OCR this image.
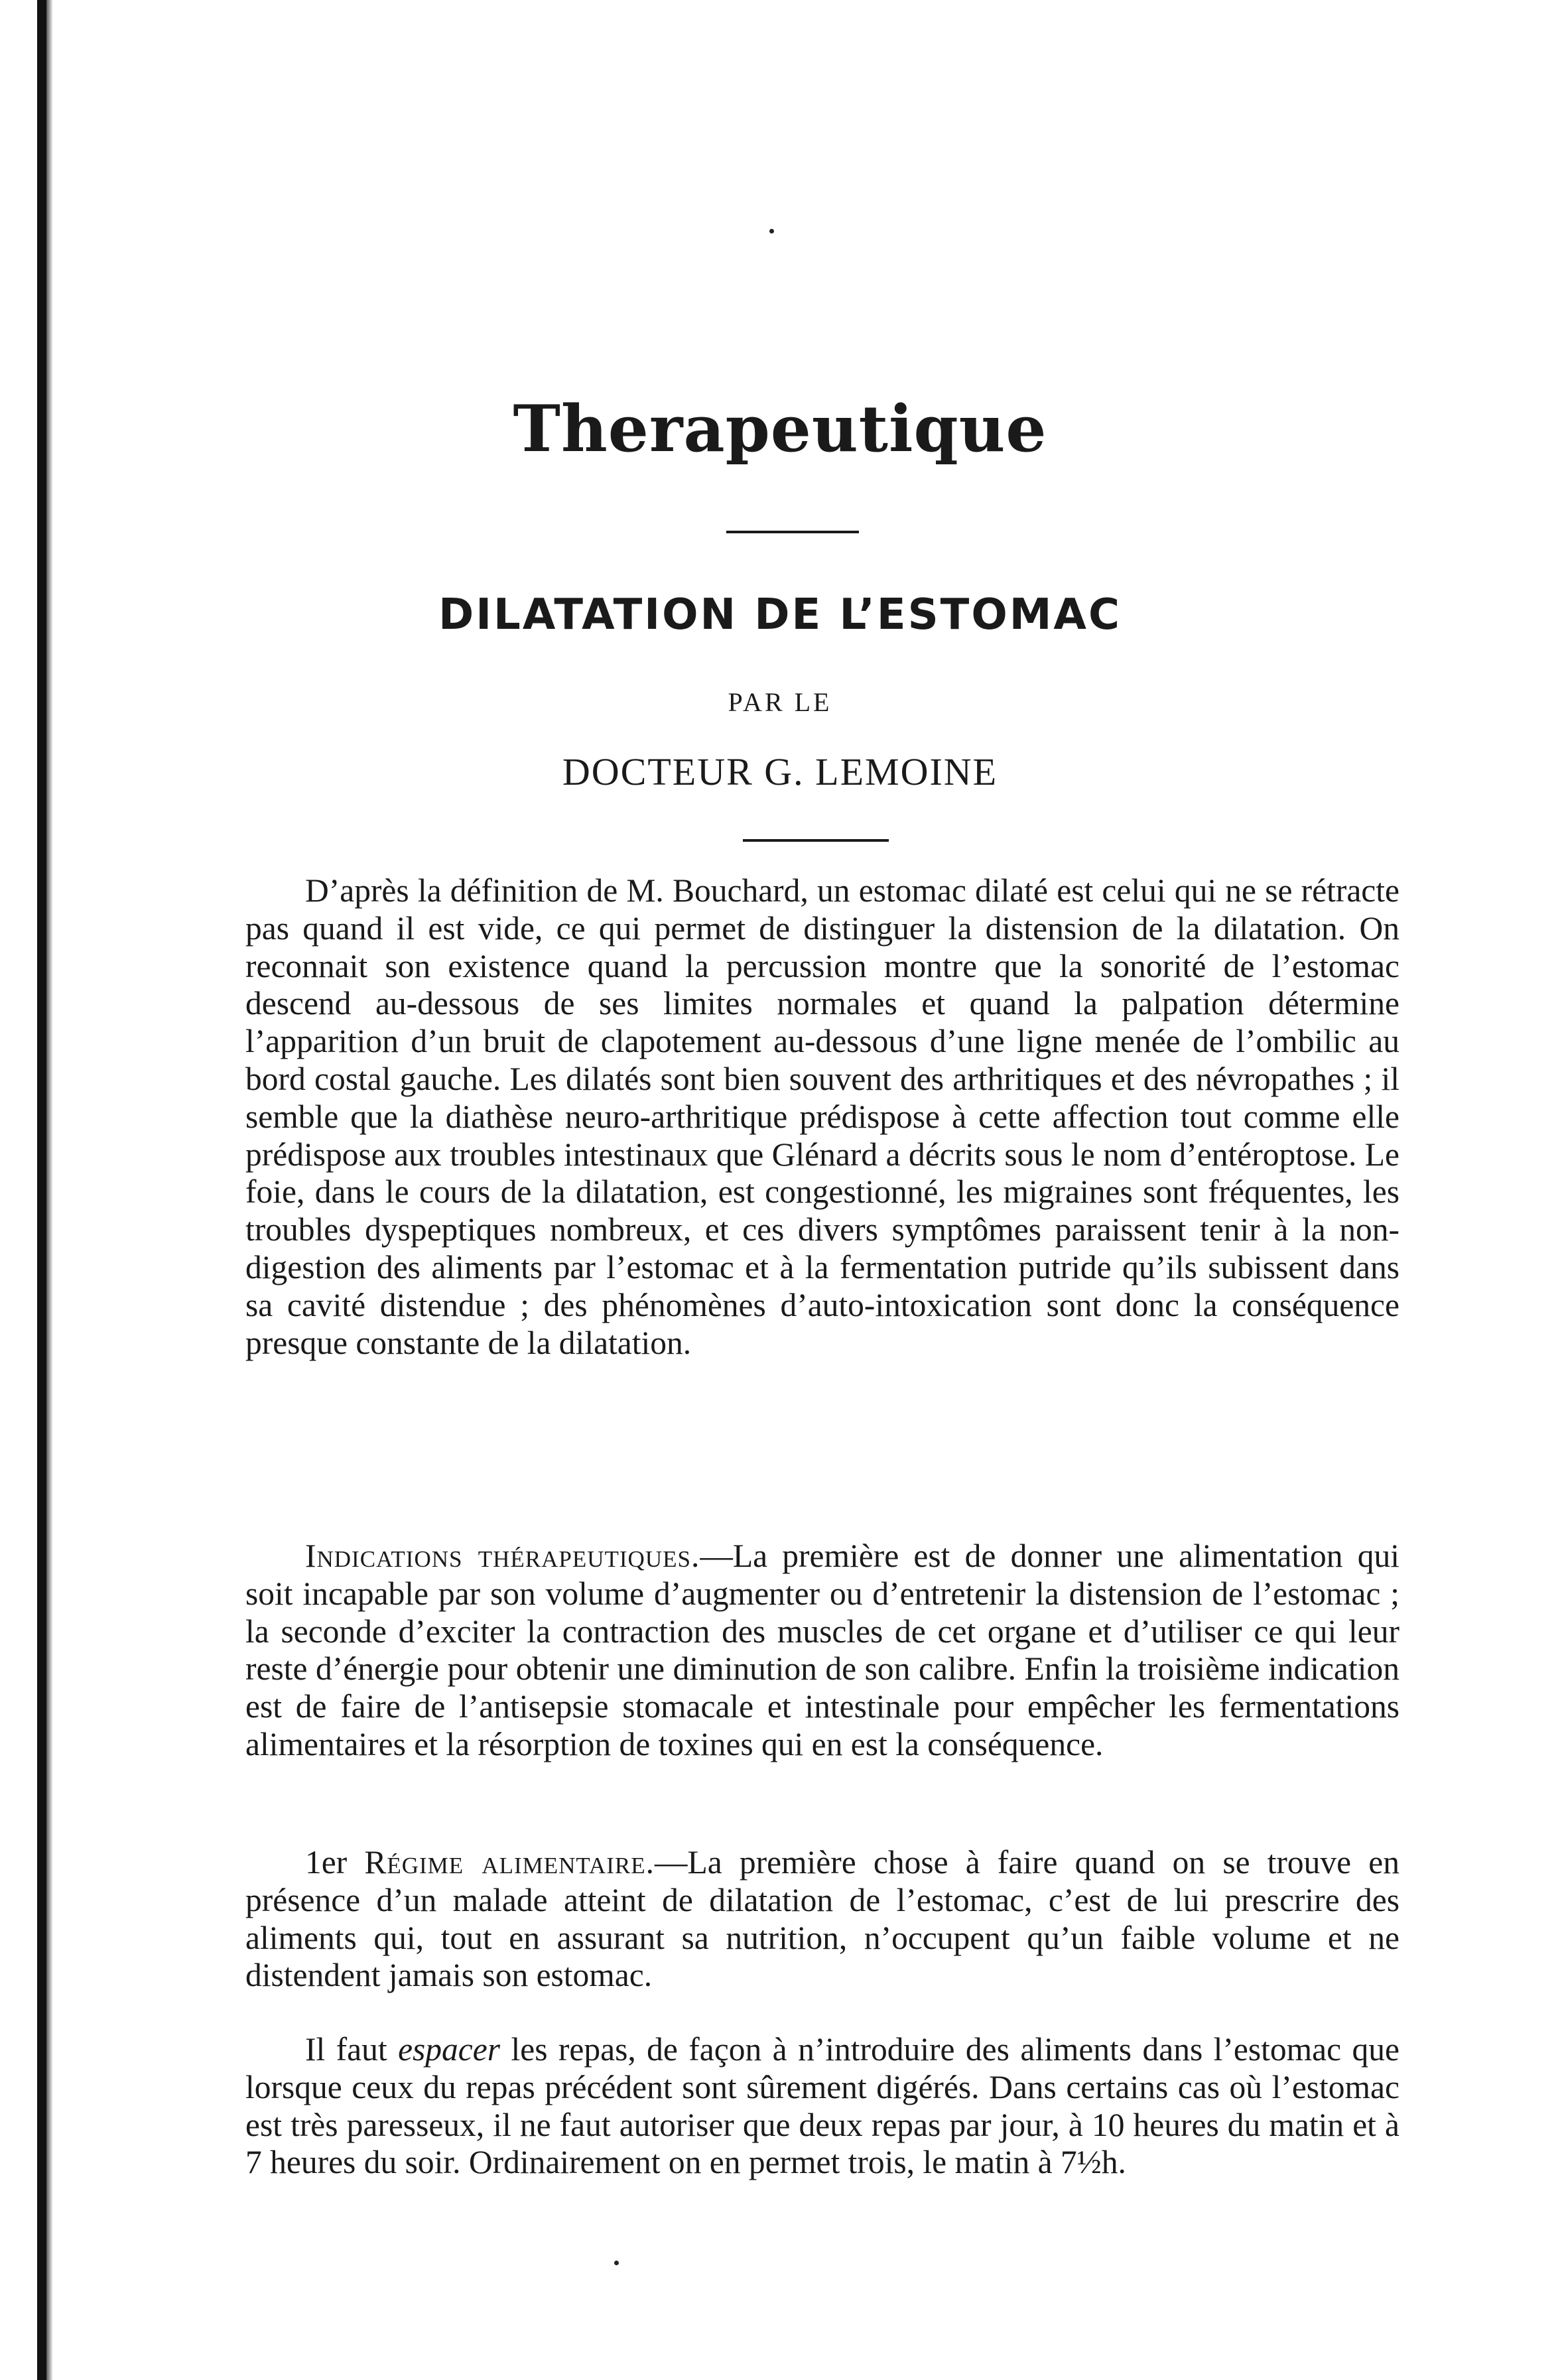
Therapeutique
DILATATION DE L’ESTOMAC

PAR LE

DOCTEUR G. LEMOINE

D’après la définition de M. Bouchard, un estomac dilaté est celui qui ne se rétracte pas quand il est vide, ce qui permet de distinguer la distension de la dilatation. On reconnait son existence quand la percussion montre que la sonorité de l’estomac descend au-dessous de ses limites normales et quand la palpation détermine l’apparition d’un bruit de clapotement au-dessous d’une ligne menée de l’ombilic au bord costal gauche. Les dilatés sont bien souvent des arthritiques et des névropathes ; il semble que la diathèse neuro-arthritique prédispose à cette affection tout comme elle prédispose aux troubles intestinaux que Glénard a décrits sous le nom d’entéroptose. Le foie, dans le cours de la dilatation, est congestionné, les migraines sont fréquentes, les troubles dyspeptiques nombreux, et ces divers symptômes paraissent tenir à la non-digestion des aliments par l’estomac et à la fermentation putride qu’ils subissent dans sa cavité distendue ; des phénomènes d’auto-intoxication sont donc la conséquence presque constante de la dilatation.

Indications thérapeutiques.—La première est de donner une alimentation qui soit incapable par son volume d’augmenter ou d’entretenir la distension de l’estomac ; la seconde d’exciter la contraction des muscles de cet organe et d’utiliser ce qui leur reste d’énergie pour obtenir une diminution de son calibre. Enfin la troisième indication est de faire de l’antisepsie stomacale et intestinale pour empêcher les fermentations alimentaires et la résorption de toxines qui en est la conséquence.

1er Régime alimentaire.—La première chose à faire quand on se trouve en présence d’un malade atteint de dilatation de l’estomac, c’est de lui prescrire des aliments qui, tout en assurant sa nutrition, n’occupent qu’un faible volume et ne distendent jamais son estomac.

Il faut espacer les repas, de façon à n’introduire des aliments dans l’estomac que lorsque ceux du repas précédent sont sûrement digérés. Dans certains cas où l’estomac est très paresseux, il ne faut autoriser que deux repas par jour, à 10 heures du matin et à 7 heures du soir. Ordinairement on en permet trois, le matin à 7½h.
